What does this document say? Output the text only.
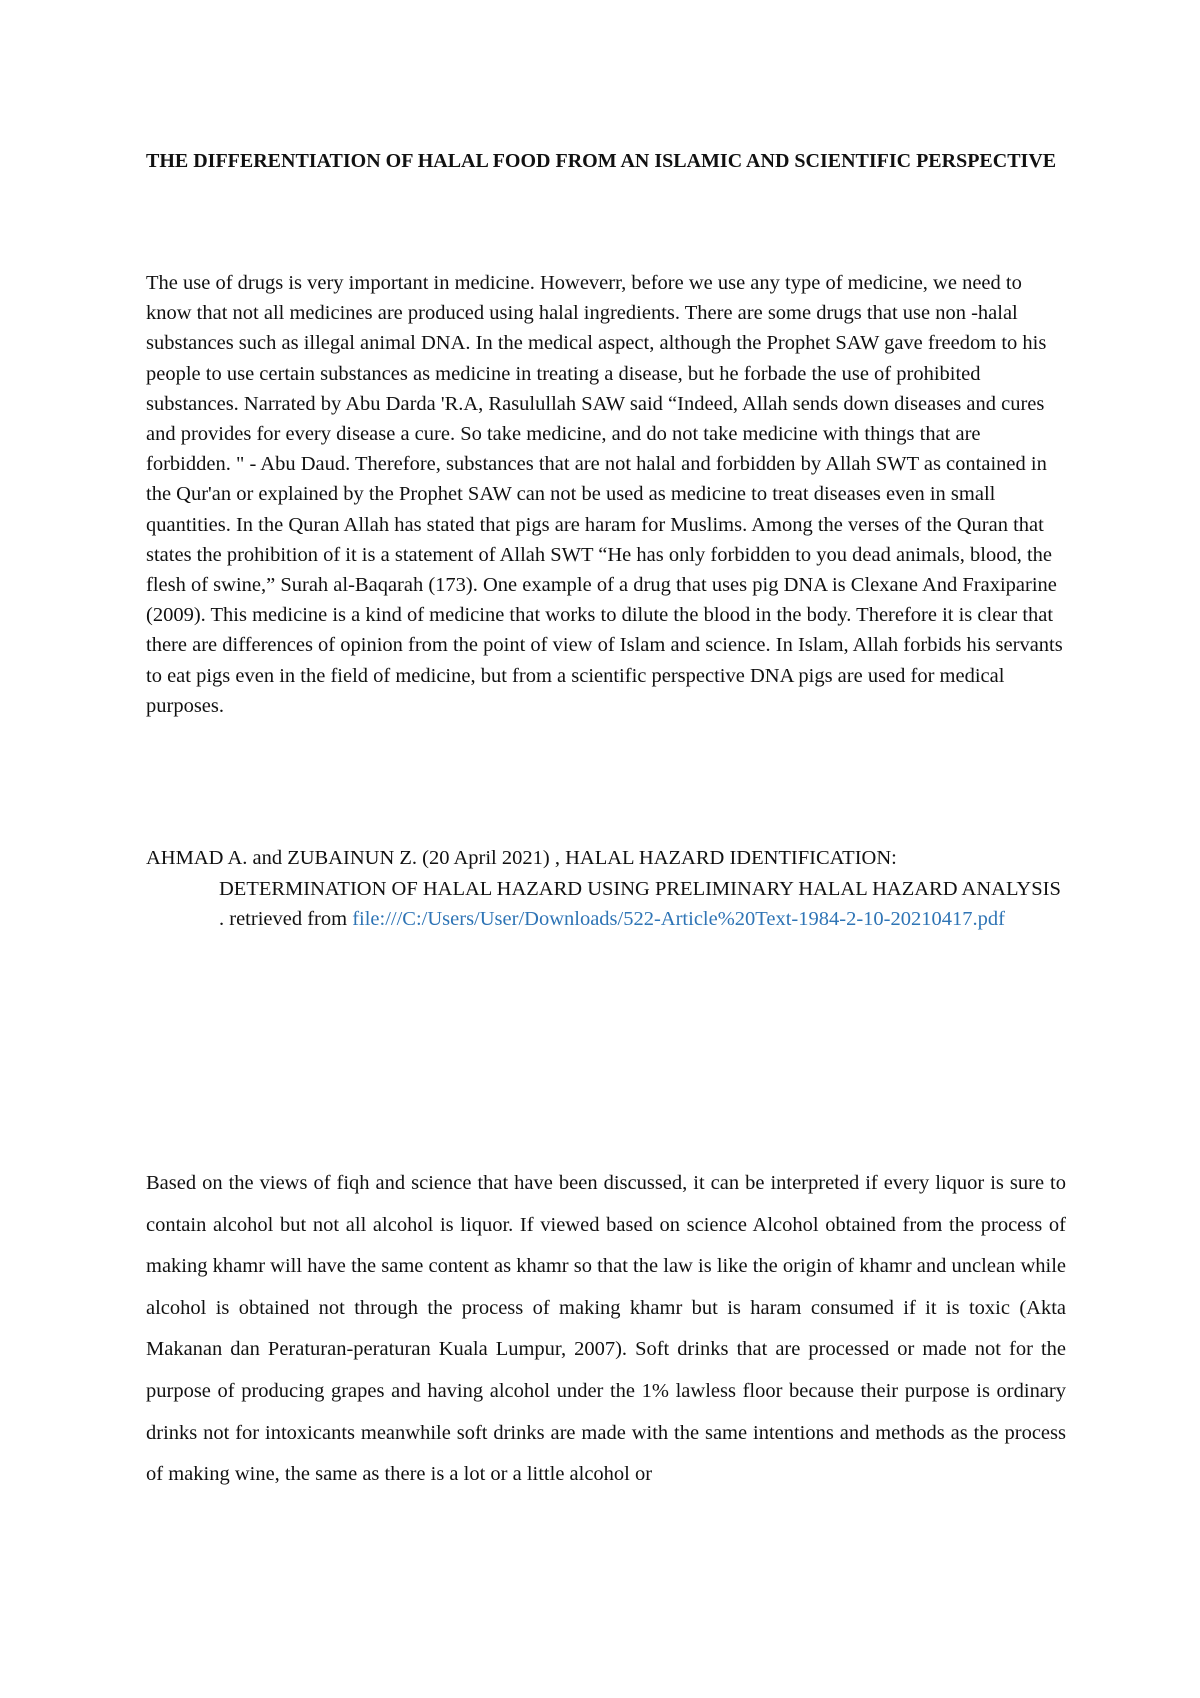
THE DIFFERENTIATION OF HALAL FOOD FROM AN ISLAMIC AND SCIENTIFIC PERSPECTIVE

The use of drugs is very important in medicine. Howeverr, before we use any type of medicine, we need to know that not all medicines are produced using halal ingredients. There are some drugs that use non -halal substances such as illegal animal DNA. In the medical aspect, although the Prophet SAW gave freedom to his people to use certain substances as medicine in treating a disease, but he forbade the use of prohibited substances. Narrated by Abu Darda 'R.A, Rasulullah SAW said “Indeed, Allah sends down diseases and cures and provides for every disease a cure. So take medicine, and do not take medicine with things that are forbidden. " - Abu Daud. Therefore, substances that are not halal and forbidden by Allah SWT as contained in the Qur'an or explained by the Prophet SAW can not be used as medicine to treat diseases even in small quantities. In the Quran Allah has stated that pigs are haram for Muslims. Among the verses of the Quran that states the prohibition of it is a statement of Allah SWT “He has only forbidden to you dead animals, blood, the flesh of swine,” Surah al-Baqarah (173). One example of a drug that uses pig DNA is Clexane And Fraxiparine (2009). This medicine is a kind of medicine that works to dilute the blood in the body. Therefore it is clear that there are differences of opinion from the point of view of Islam and science. In Islam, Allah forbids his servants to eat pigs even in the field of medicine, but from a scientific perspective DNA pigs are used for medical purposes.

AHMAD A. and ZUBAINUN Z. (20 April 2021) , HALAL HAZARD IDENTIFICATION: DETERMINATION OF HALAL HAZARD USING PRELIMINARY HALAL HAZARD ANALYSIS . retrieved from file:///C:/Users/User/Downloads/522-Article%20Text-1984-2-10-20210417.pdf

Based on the views of fiqh and science that have been discussed, it can be interpreted if every liquor is sure to contain alcohol but not all alcohol is liquor. If viewed based on science Alcohol obtained from the process of making khamr will have the same content as khamr so that the law is like the origin of khamr and unclean while alcohol is obtained not through the process of making khamr but is haram consumed if it is toxic (Akta Makanan dan Peraturan-peraturan Kuala Lumpur, 2007). Soft drinks that are processed or made not for the purpose of producing grapes and having alcohol under the 1% lawless floor because their purpose is ordinary drinks not for intoxicants meanwhile soft drinks are made with the same intentions and methods as the process of making wine, the same as there is a lot or a little alcohol or
